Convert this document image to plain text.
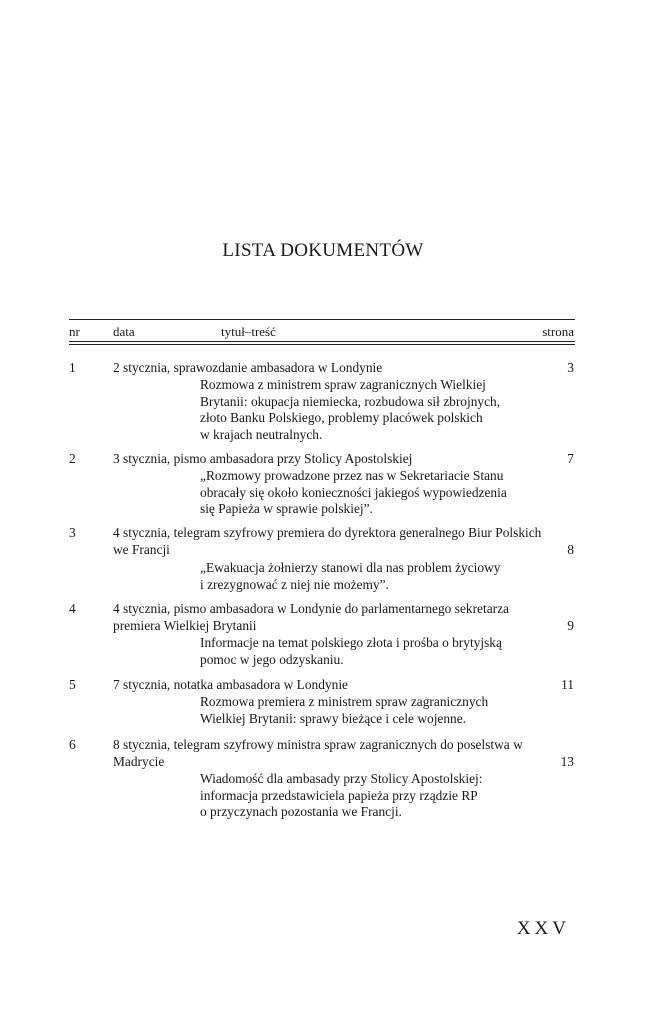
LISTA DOKUMENTÓW
nr	data	tytuł–treść	strona
1	2 stycznia, sprawozdanie ambasadora w Londynie	3
Rozmowa z ministrem spraw zagranicznych Wielkiej
Brytanii: okupacja niemiecka, rozbudowa sił zbrojnych,
złoto Banku Polskiego, problemy placówek polskich
w krajach neutralnych.
2	3 stycznia, pismo ambasadora przy Stolicy Apostolskiej	7
„Rozmowy prowadzone przez nas w Sekretariacie Stanu
obracały się około konieczności jakiegoś wypowiedzenia
się Papieża w sprawie polskiej”.
3	4 stycznia, telegram szyfrowy premiera do dyrektora generalnego Biur Polskich we Francji	8
„Ewakuacja żołnierzy stanowi dla nas problem życiowy
i zrezygnować z niej nie możemy”.
4	4 stycznia, pismo ambasadora w Londynie do parlamentarnego sekretarza premiera Wielkiej Brytanii	9
Informacje na temat polskiego złota i prośba o brytyjską
pomoc w jego odzyskaniu.
5	7 stycznia, notatka ambasadora w Londynie	11
Rozmowa premiera z ministrem spraw zagranicznych
Wielkiej Brytanii: sprawy bieżące i cele wojenne.
6	8 stycznia, telegram szyfrowy ministra spraw zagranicznych do poselstwa w Madrycie	13
Wiadomość dla ambasady przy Stolicy Apostolskiej:
informacja przedstawiciela papieża przy rządzie RP
o przyczynach pozostania we Francji.
XXV
